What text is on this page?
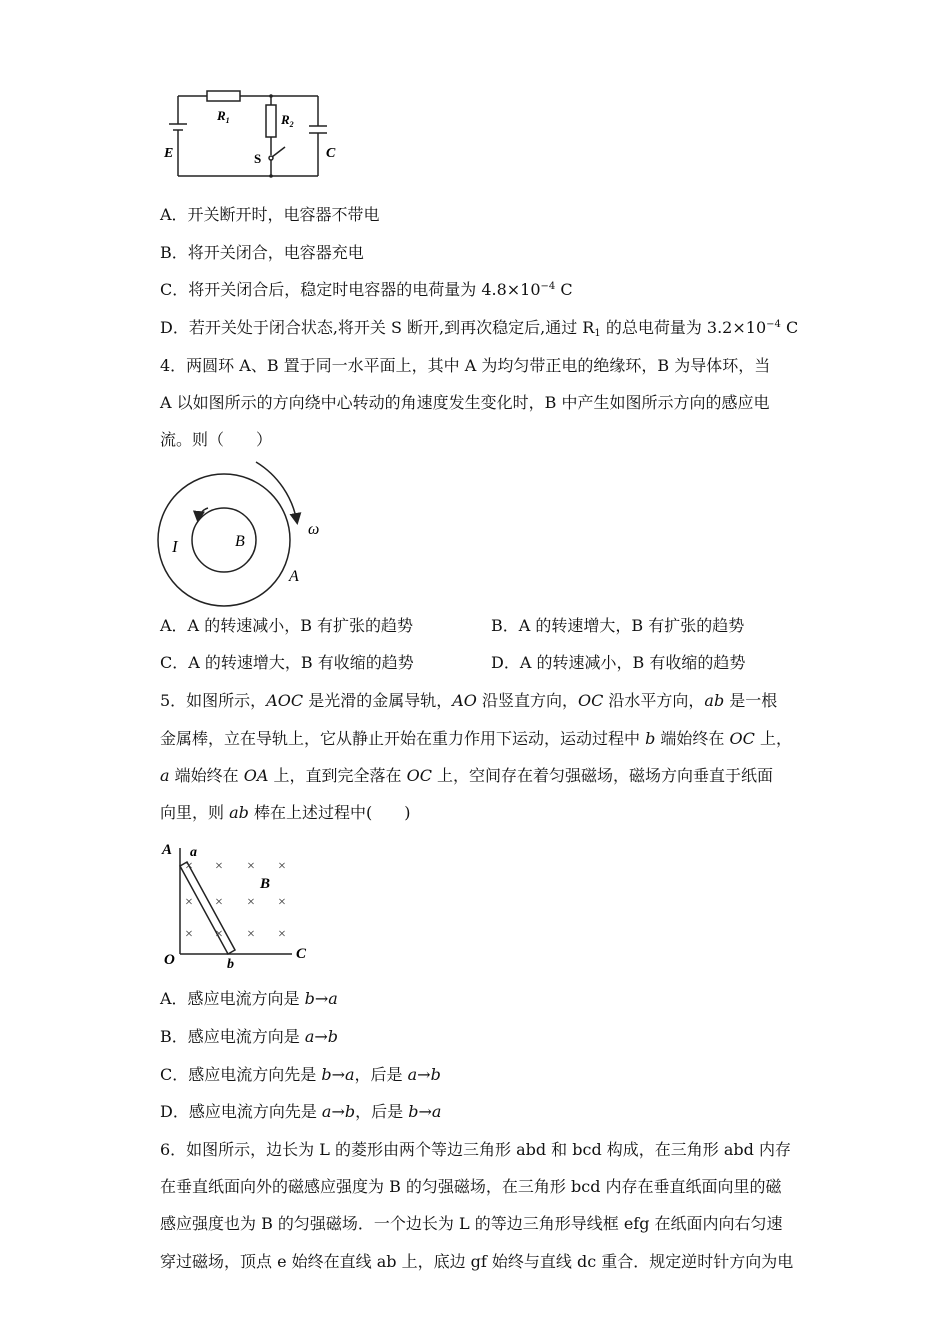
$R_1$	$R_2$
E	S	C
A．开关断开时，电容器不带电
B．将开关闭合，电容器充电
C．将开关闭合后，稳定时电容器的电荷量为 $4.8\times 10^{-4}$ C
D．若开关处于闭合状态,将开关 S 断开,到再次稳定后,通过 $R_1$ 的总电荷量为 $3.2\times 10^{-4}$ C
4．两圆环 A、B 置于同一水平面上，其中 A 为均匀带正电的绝缘环，B 为导体环，当
A 以如图所示的方向绕中心转动的角速度发生变化时，B 中产生如图所示方向的感应电
流。则（　　）
I	B
ω
A
A．A 的转速减小，B 有扩张的趋势	B．A 的转速增大，B 有扩张的趋势
C．A 的转速增大，B 有收缩的趋势	D．A 的转速减小，B 有收缩的趋势
5．如图所示，AOC 是光滑的金属导轨，AO 沿竖直方向，OC 沿水平方向，ab 是一根
金属棒，立在导轨上，它从静止开始在重力作用下运动，运动过程中 b 端始终在 OC 上，
a 端始终在 OA 上，直到完全落在 OC 上，空间存在着匀强磁场，磁场方向垂直于纸面
向里，则 ab 棒在上述过程中(　　)
× × × ×
× × × ×
× × × ×
A a
B
O	b
C
A．感应电流方向是 b→a
B．感应电流方向是 a→b
C．感应电流方向先是 b→a，后是 a→b
D．感应电流方向先是 a→b，后是 b→a
6．如图所示，边长为 L 的菱形由两个等边三角形 abd 和 bcd 构成，在三角形 abd 内存
在垂直纸面向外的磁感应强度为 B 的匀强磁场，在三角形 bcd 内存在垂直纸面向里的磁
感应强度也为 B 的匀强磁场．一个边长为 L 的等边三角形导线框 efg 在纸面内向右匀速
穿过磁场，顶点 e 始终在直线 ab 上，底边 gf 始终与直线 dc 重合．规定逆时针方向为电
